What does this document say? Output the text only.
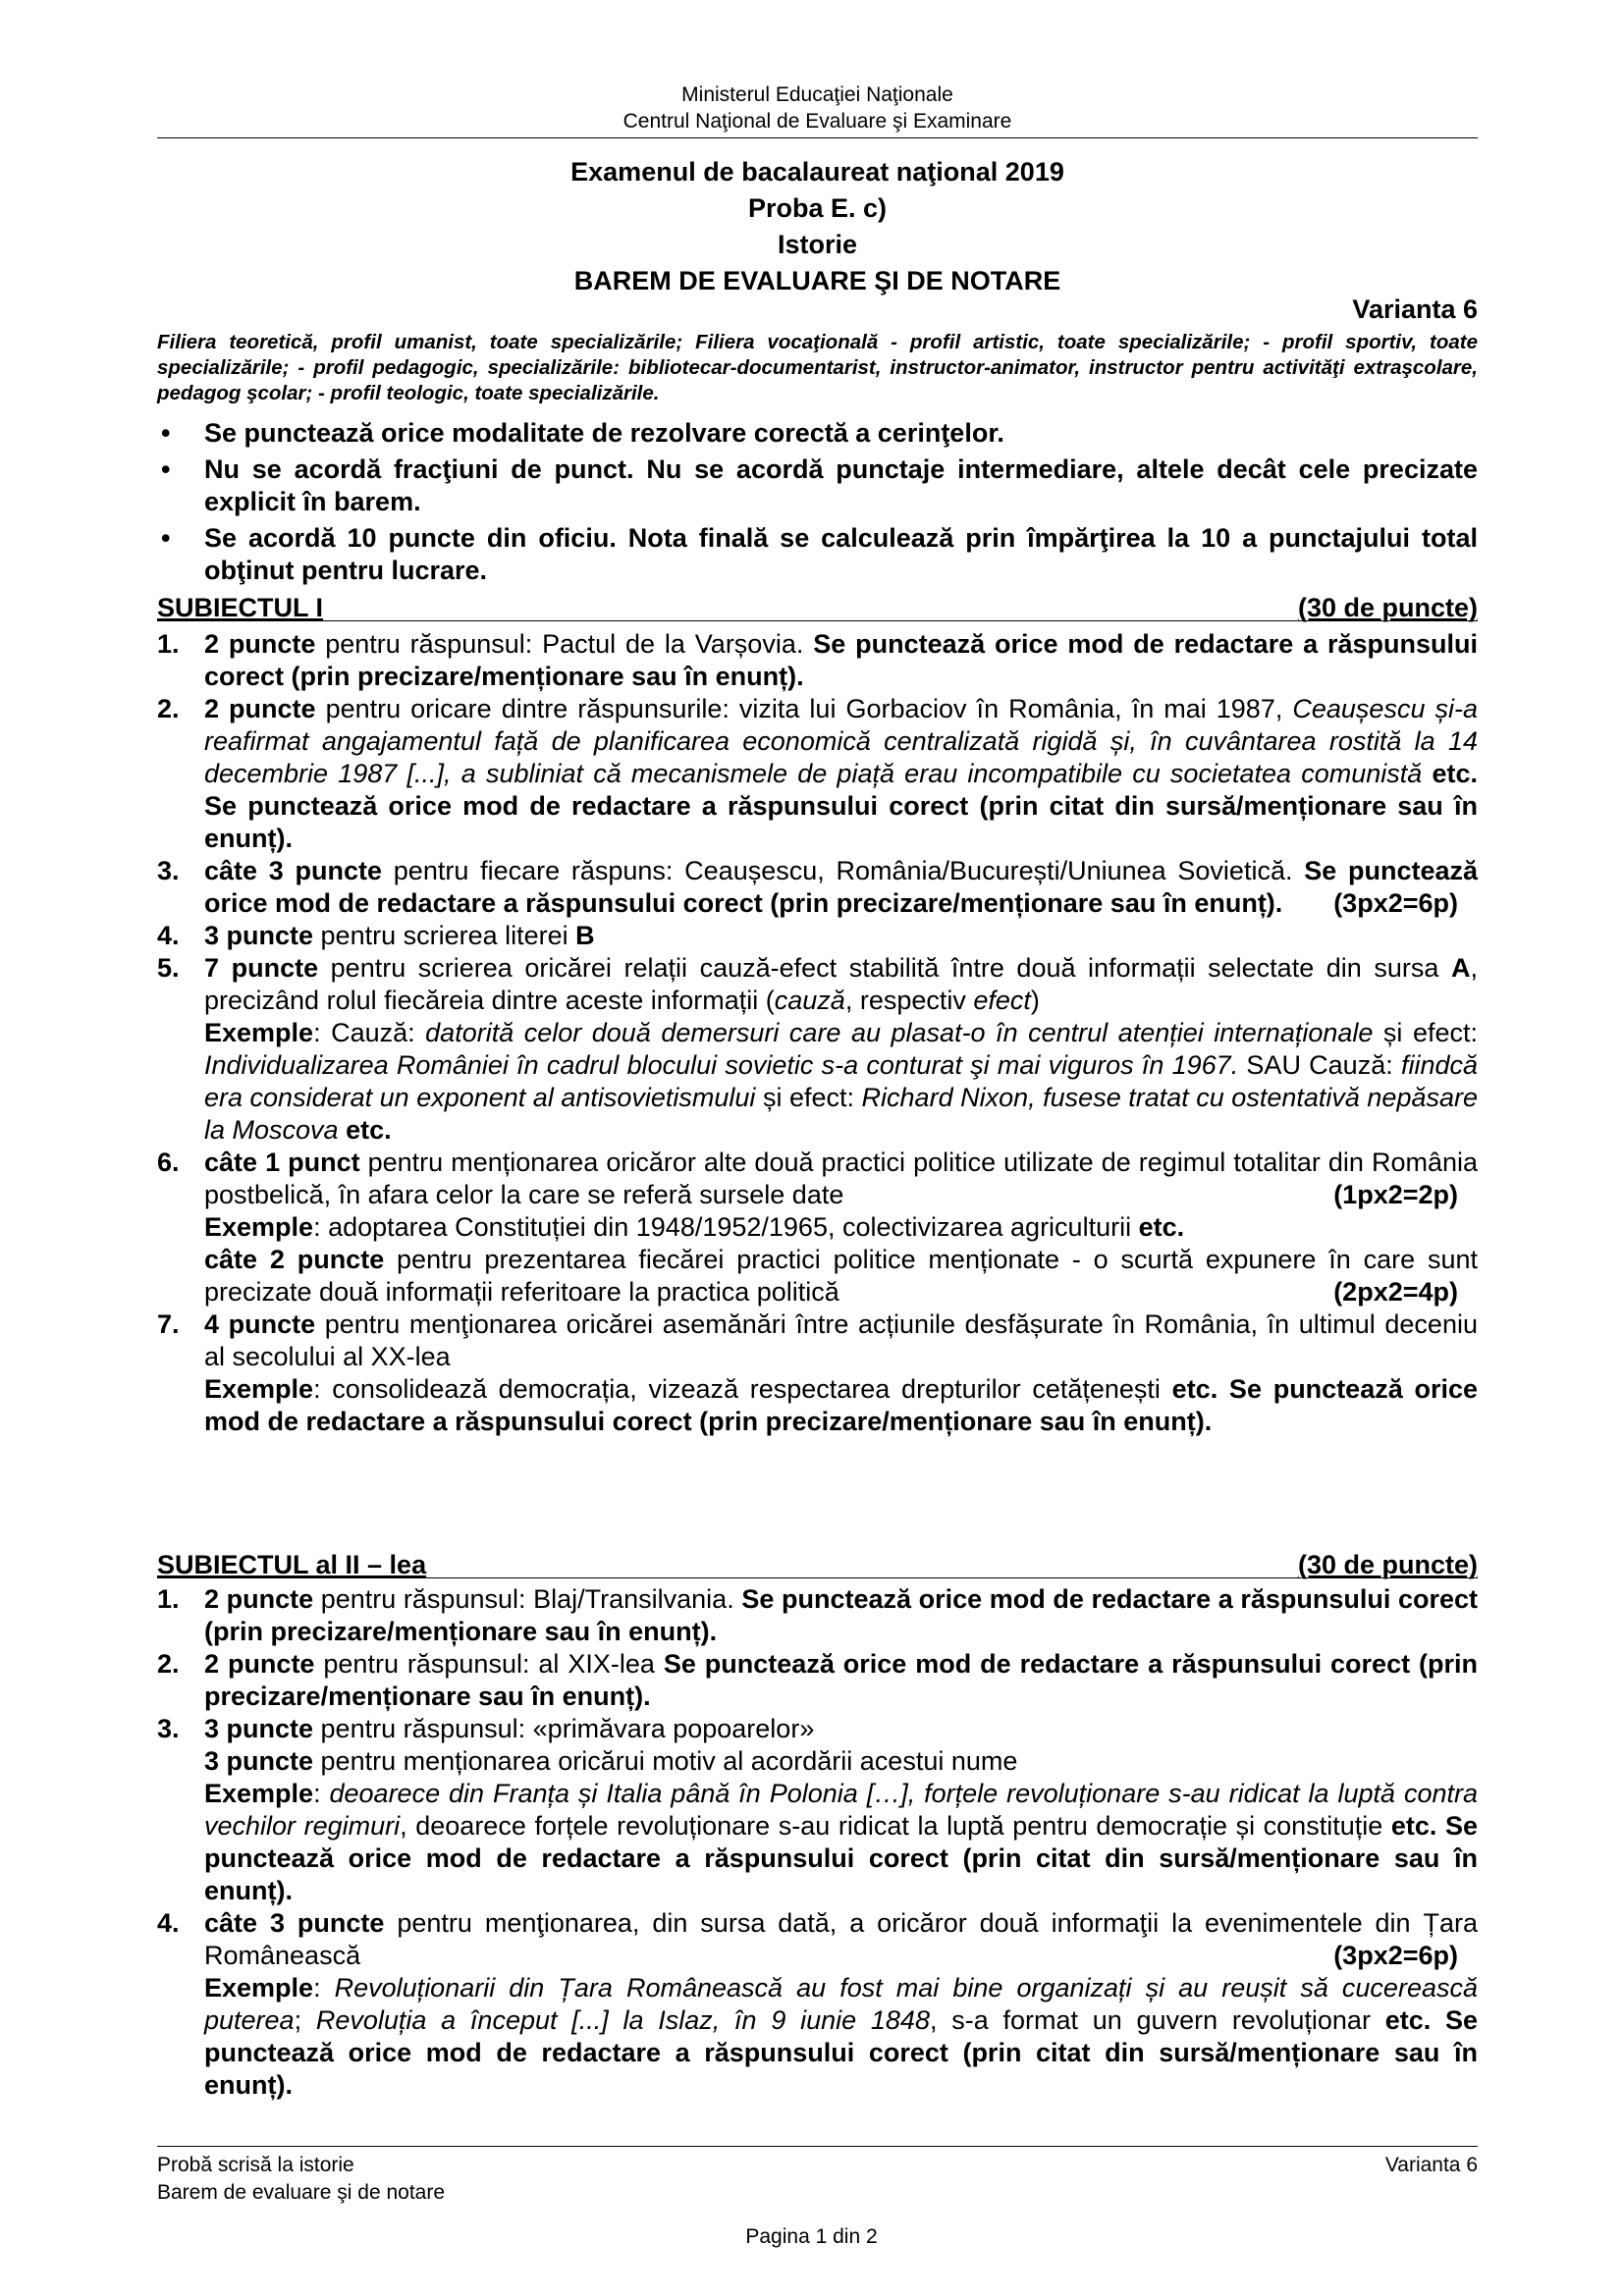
Ministerul Educaţiei Naţionale
Centrul Naţional de Evaluare şi Examinare
Examenul de bacalaureat naţional 2019
Proba E. c)
Istorie
BAREM DE EVALUARE ŞI DE NOTARE
Varianta 6
Filiera teoretică, profil umanist, toate specializările; Filiera vocaţională - profil artistic, toate specializările; - profil sportiv, toate specializările; - profil pedagogic, specializările: bibliotecar-documentarist, instructor-animator, instructor pentru activităţi extraşcolare, pedagog şcolar; - profil teologic, toate specializările.
• Se punctează orice modalitate de rezolvare corectă a cerinţelor.
• Nu se acordă fracţiuni de punct. Nu se acordă punctaje intermediare, altele decât cele precizate explicit în barem.
• Se acordă 10 puncte din oficiu. Nota finală se calculează prin împărţirea la 10 a punctajului total obţinut pentru lucrare.
SUBIECTUL I	(30 de puncte)
1. 2 puncte pentru răspunsul: Pactul de la Varșovia. Se punctează orice mod de redactare a răspunsului corect (prin precizare/menționare sau în enunț).

2. 2 puncte pentru oricare dintre răspunsurile: vizita lui Gorbaciov în România, în mai 1987, Ceaușescu și-a reafirmat angajamentul față de planificarea economică centralizată rigidă și, în cuvântarea rostită la 14 decembrie 1987 [...], a subliniat că mecanismele de piață erau incompatibile cu societatea comunistă etc. Se punctează orice mod de redactare a răspunsului corect (prin citat din sursă/menționare sau în enunț).

3. câte 3 puncte pentru fiecare răspuns: Ceaușescu, România/București/Uniunea Sovietică. Se punctează orice mod de redactare a răspunsului corect (prin precizare/menționare sau în enunț). (3px2=6p)

4. 3 puncte pentru scrierea literei B

5. 7 puncte pentru scrierea oricărei relații cauză-efect stabilită între două informații selectate din sursa A, precizând rolul fiecăreia dintre aceste informații (cauză, respectiv efect)

Exemple: Cauză: datorită celor două demersuri care au plasat-o în centrul atenției internaționale și efect: Individualizarea României în cadrul blocului sovietic s-a conturat şi mai viguros în 1967. SAU Cauză: fiindcă era considerat un exponent al antisovietismului și efect: Richard Nixon, fusese tratat cu ostentativă nepăsare la Moscova etc.

6. câte 1 punct pentru menționarea oricăror alte două practici politice utilizate de regimul totalitar din România postbelică, în afara celor la care se referă sursele date	(1px2=2p)

Exemple: adoptarea Constituției din 1948/1952/1965, colectivizarea agriculturii etc.

câte 2 puncte pentru prezentarea fiecărei practici politice menționate - o scurtă expunere în care sunt precizate două informații referitoare la practica politică	(2px2=4p)

7. 4 puncte pentru menţionarea oricărei asemănări între acțiunile desfășurate în România, în ultimul deceniu al secolului al XX-lea

Exemple: consolidează democrația, vizează respectarea drepturilor cetățenești etc. Se punctează orice mod de redactare a răspunsului corect (prin precizare/menționare sau în enunț).

SUBIECTUL al II – lea	(30 de puncte)
1. 2 puncte pentru răspunsul: Blaj/Transilvania. Se punctează orice mod de redactare a răspunsului corect (prin precizare/menționare sau în enunț).

2. 2 puncte pentru răspunsul: al XIX-lea Se punctează orice mod de redactare a răspunsului corect (prin precizare/menționare sau în enunț).

3. 3 puncte pentru răspunsul: «primăvara popoarelor»

3 puncte pentru menționarea oricărui motiv al acordării acestui nume

Exemple: deoarece din Franța și Italia până în Polonia […], forțele revoluționare s-au ridicat la luptă contra vechilor regimuri, deoarece forțele revoluționare s-au ridicat la luptă pentru democrație și constituție etc. Se punctează orice mod de redactare a răspunsului corect (prin citat din sursă/menționare sau în enunț).

4. câte 3 puncte pentru menţionarea, din sursa dată, a oricăror două informaţii la evenimentele din Țara Românească	(3px2=6p)

Exemple: Revoluționarii din Țara Românească au fost mai bine organizați și au reușit să cucerească puterea; Revoluția a început [...] la Islaz, în 9 iunie 1848, s-a format un guvern revoluționar etc. Se punctează orice mod de redactare a răspunsului corect (prin citat din sursă/menționare sau în enunț).

Probă scrisă la istorie
Barem de evaluare şi de notare
Varianta 6
Pagina 1 din 2
